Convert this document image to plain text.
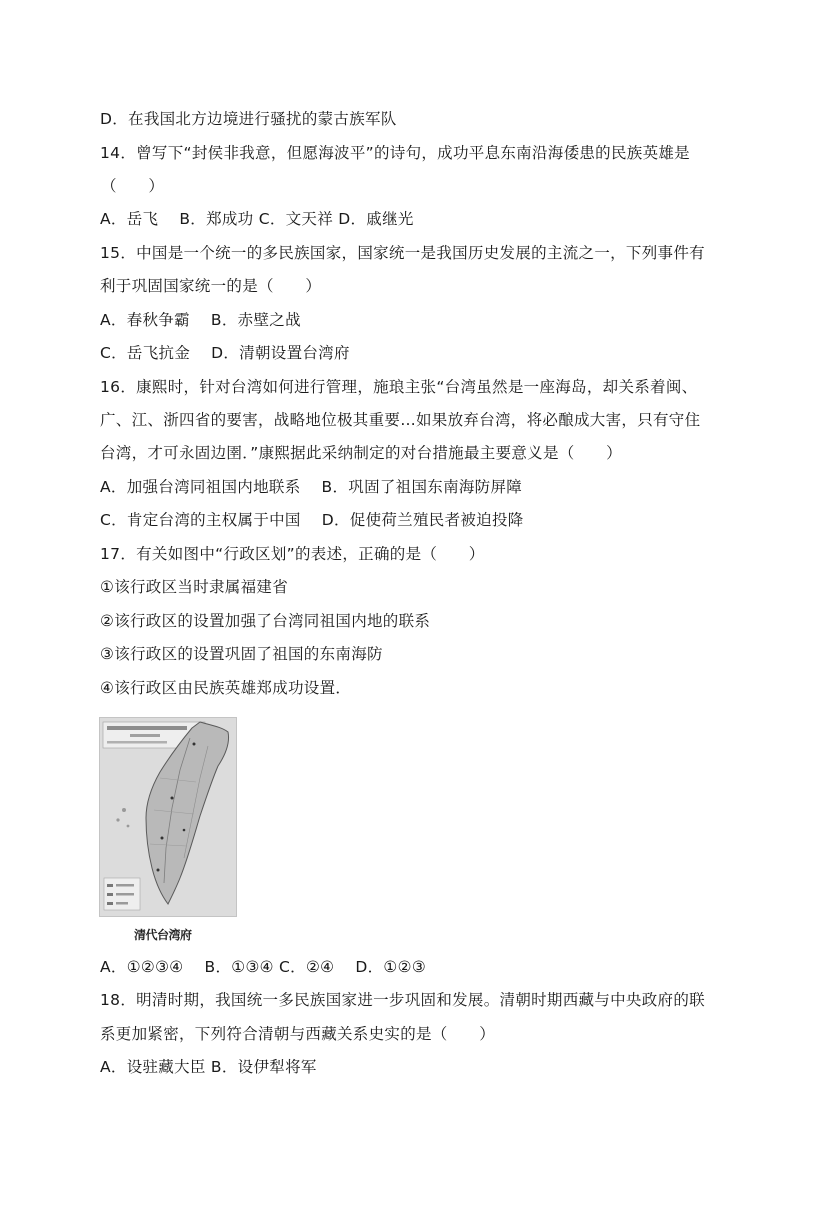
D．在我国北方边境进行骚扰的蒙古族军队
14．曾写下“封侯非我意，但愿海波平”的诗句，成功平息东南沿海倭患的民族英雄是
（　　）
A．岳飞　 B．郑成功 C．文天祥 D．戚继光
15．中国是一个统一的多民族国家，国家统一是我国历史发展的主流之一，下列事件有
利于巩固国家统一的是（　　）
A．春秋争霸　 B．赤壁之战
C．岳飞抗金　 D．清朝设置台湾府
16．康熙时，针对台湾如何进行管理，施琅主张“台湾虽然是一座海岛，却关系着闽、
广、江、浙四省的要害，战略地位极其重要…如果放弃台湾，将必酿成大害，只有守住
台湾，才可永固边圉．”康熙据此采纳制定的对台措施最主要意义是（　　）
A．加强台湾同祖国内地联系　 B．巩固了祖国东南海防屏障
C．肯定台湾的主权属于中国　 D．促使荷兰殖民者被迫投降
17．有关如图中“行政区划”的表述，正确的是（　　）
①该行政区当时隶属福建省
②该行政区的设置加强了台湾同祖国内地的联系
③该行政区的设置巩固了祖国的东南海防
④该行政区由民族英雄郑成功设置．
清代台湾府
A．①②③④　 B．①③④ C．②④　 D．①②③
18．明清时期，我国统一多民族国家进一步巩固和发展。清朝时期西藏与中央政府的联
系更加紧密，下列符合清朝与西藏关系史实的是（　　）
A．设驻藏大臣 B．设伊犁将军
